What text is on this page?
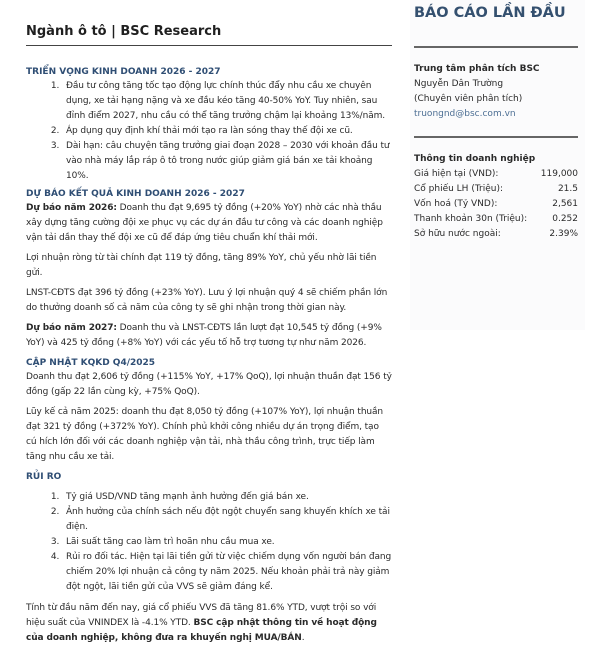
BÁO CÁO LẦN ĐẦU
Trung tâm phân tích BSC
Nguyễn Dân Trường
(Chuyên viên phân tích)
truongnd@bsc.com.vn
Thông tin doanh nghiệp
Giá hiện tại (VND):	119,000
Cổ phiếu LH (Triệu):	21.5
Vốn hoá (Tỷ VND):	2,561
Thanh khoản 30n (Triệu):	0.252
Sở hữu nước ngoài:	2.39%
Ngành ô tô | BSC Research
TRIỂN VỌNG KINH DOANH 2026 - 2027
1. Đầu tư công tăng tốc tạo động lực chính thúc đẩy nhu cầu xe chuyên dụng, xe tải hạng nặng và xe đầu kéo tăng 40-50% YoY. Tuy nhiên, sau đỉnh điểm 2027, nhu cầu có thể tăng trưởng chậm lại khoảng 13%/năm.
2. Áp dụng quy định khí thải mới tạo ra làn sóng thay thế đội xe cũ.
3. Dài hạn: câu chuyện tăng trưởng giai đoạn 2028 – 2030 với khoản đầu tư vào nhà máy lắp ráp ô tô trong nước giúp giảm giá bán xe tải khoảng 10%.
DỰ BÁO KẾT QUẢ KINH DOANH 2026 - 2027
Dự báo năm 2026: Doanh thu đạt 9,695 tỷ đồng (+20% YoY) nhờ các nhà thầu xây dựng tăng cường đội xe phục vụ các dự án đầu tư công và các doanh nghiệp vận tải dần thay thế đội xe cũ để đáp ứng tiêu chuẩn khí thải mới.
Lợi nhuận ròng từ tài chính đạt 119 tỷ đồng, tăng 89% YoY, chủ yếu nhờ lãi tiền gửi.
LNST-CĐTS đạt 396 tỷ đồng (+23% YoY). Lưu ý lợi nhuận quý 4 sẽ chiếm phần lớn do thưởng doanh số cả năm của công ty sẽ ghi nhận trong thời gian này.
Dự báo năm 2027: Doanh thu và LNST-CĐTS lần lượt đạt 10,545 tỷ đồng (+9% YoY) và 425 tỷ đồng (+8% YoY) với các yếu tố hỗ trợ tương tự như năm 2026.
CẬP NHẬT KQKD Q4/2025
Doanh thu đạt 2,606 tỷ đồng (+115% YoY, +17% QoQ), lợi nhuận thuần đạt 156 tỷ đồng (gấp 22 lần cùng kỳ, +75% QoQ).
Lũy kế cả năm 2025: doanh thu đạt 8,050 tỷ đồng (+107% YoY), lợi nhuận thuần đạt 321 tỷ đồng (+372% YoY). Chính phủ khởi công nhiều dự án trọng điểm, tạo cú hích lớn đối với các doanh nghiệp vận tải, nhà thầu công trình, trực tiếp làm tăng nhu cầu xe tải.
RỦI RO
1. Tỷ giá USD/VND tăng mạnh ảnh hưởng đến giá bán xe.
2. Ảnh hưởng của chính sách nếu đột ngột chuyển sang khuyến khích xe tải điện.
3. Lãi suất tăng cao làm trì hoãn nhu cầu mua xe.
4. Rủi ro đối tác. Hiện tại lãi tiền gửi từ việc chiếm dụng vốn người bán đang chiếm 20% lợi nhuận cả công ty năm 2025. Nếu khoản phải trả này giảm đột ngột, lãi tiền gửi của VVS sẽ giảm đáng kể.
Tính từ đầu năm đến nay, giá cổ phiếu VVS đã tăng 81.6% YTD, vượt trội so với hiệu suất của VNINDEX là -4.1% YTD. BSC cập nhật thông tin về hoạt động của doanh nghiệp, không đưa ra khuyến nghị MUA/BÁN.
